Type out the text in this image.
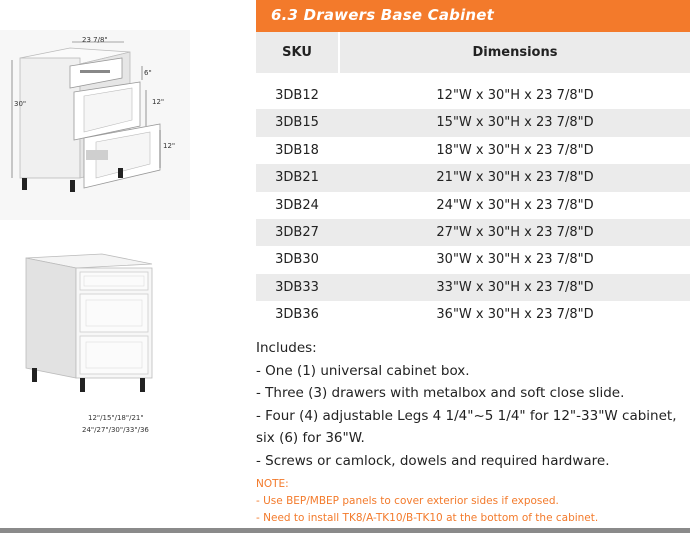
23 7/8"
30"
6"
12"
12"
12"/15"/18"/21"
24"/27"/30"/33"/36
6.3 Drawers Base Cabinet
SKU	Dimensions
3DB12	12"W x 30"H x 23 7/8"D
3DB15	15"W x 30"H x 23 7/8"D
3DB18	18"W x 30"H x 23 7/8"D
3DB21	21"W x 30"H x 23 7/8"D
3DB24	24"W x 30"H x 23 7/8"D
3DB27	27"W x 30"H x 23 7/8"D
3DB30	30"W x 30"H x 23 7/8"D
3DB33	33"W x 30"H x 23 7/8"D
3DB36	36"W x 30"H x 23 7/8"D
Includes:
- One (1) universal cabinet box.
- Three (3) drawers with metalbox and soft close slide.
- Four (4) adjustable Legs 4 1/4"~5 1/4" for 12"-33"W cabinet,
six (6) for 36"W.
- Screws or camlock, dowels and required hardware.
NOTE:
- Use BEP/MBEP panels to cover exterior sides if exposed.
- Need to install TK8/A-TK10/B-TK10 at the bottom of the cabinet.
